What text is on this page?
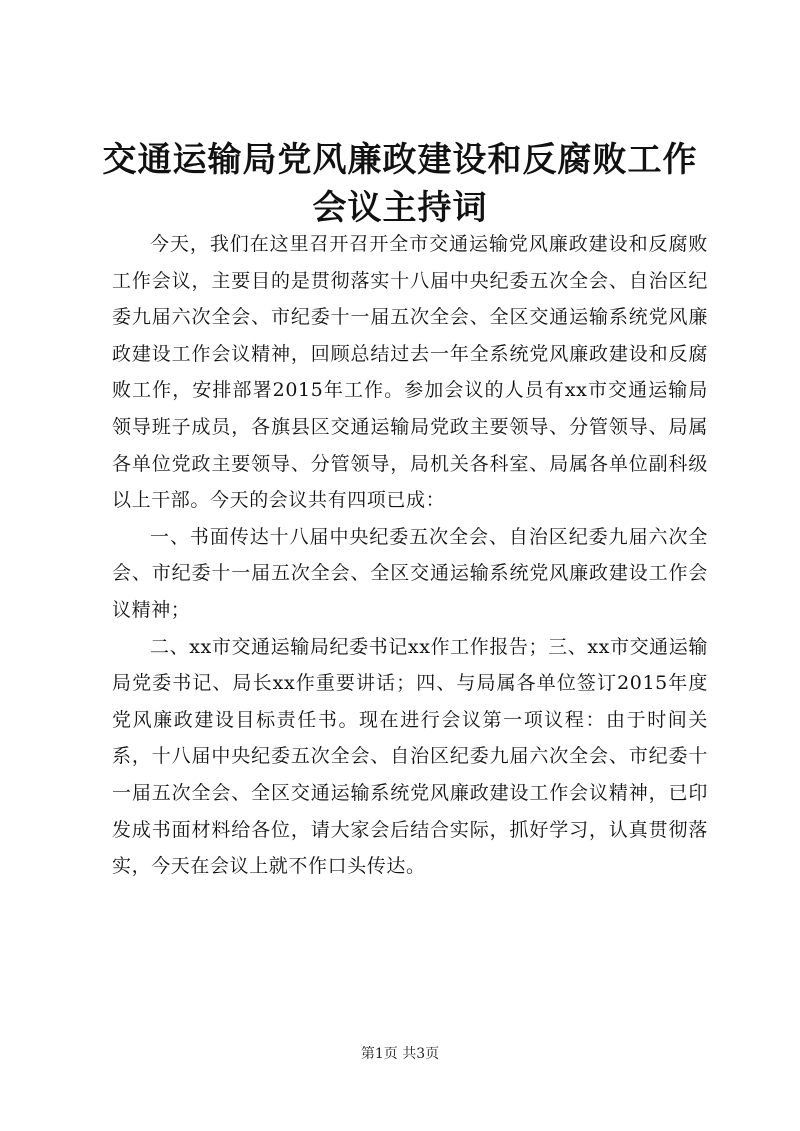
交通运输局党风廉政建设和反腐败工作会议主持词

今天，我们在这里召开召开全市交通运输党风廉政建设和反腐败工作会议，主要目的是贯彻落实十八届中央纪委五次全会、自治区纪委九届六次全会、市纪委十一届五次全会、全区交通运输系统党风廉政建设工作会议精神，回顾总结过去一年全系统党风廉政建设和反腐败工作，安排部署2015年工作。参加会议的人员有xx市交通运输局领导班子成员，各旗县区交通运输局党政主要领导、分管领导、局属各单位党政主要领导、分管领导，局机关各科室、局属各单位副科级以上干部。今天的会议共有四项已成：

一、书面传达十八届中央纪委五次全会、自治区纪委九届六次全会、市纪委十一届五次全会、全区交通运输系统党风廉政建设工作会议精神；

二、xx市交通运输局纪委书记xx作工作报告；三、xx市交通运输局党委书记、局长xx作重要讲话；四、与局属各单位签订2015年度党风廉政建设目标责任书。现在进行会议第一项议程：由于时间关系，十八届中央纪委五次全会、自治区纪委九届六次全会、市纪委十一届五次全会、全区交通运输系统党风廉政建设工作会议精神，已印发成书面材料给各位，请大家会后结合实际，抓好学习，认真贯彻落实，今天在会议上就不作口头传达。

第1页 共3页
